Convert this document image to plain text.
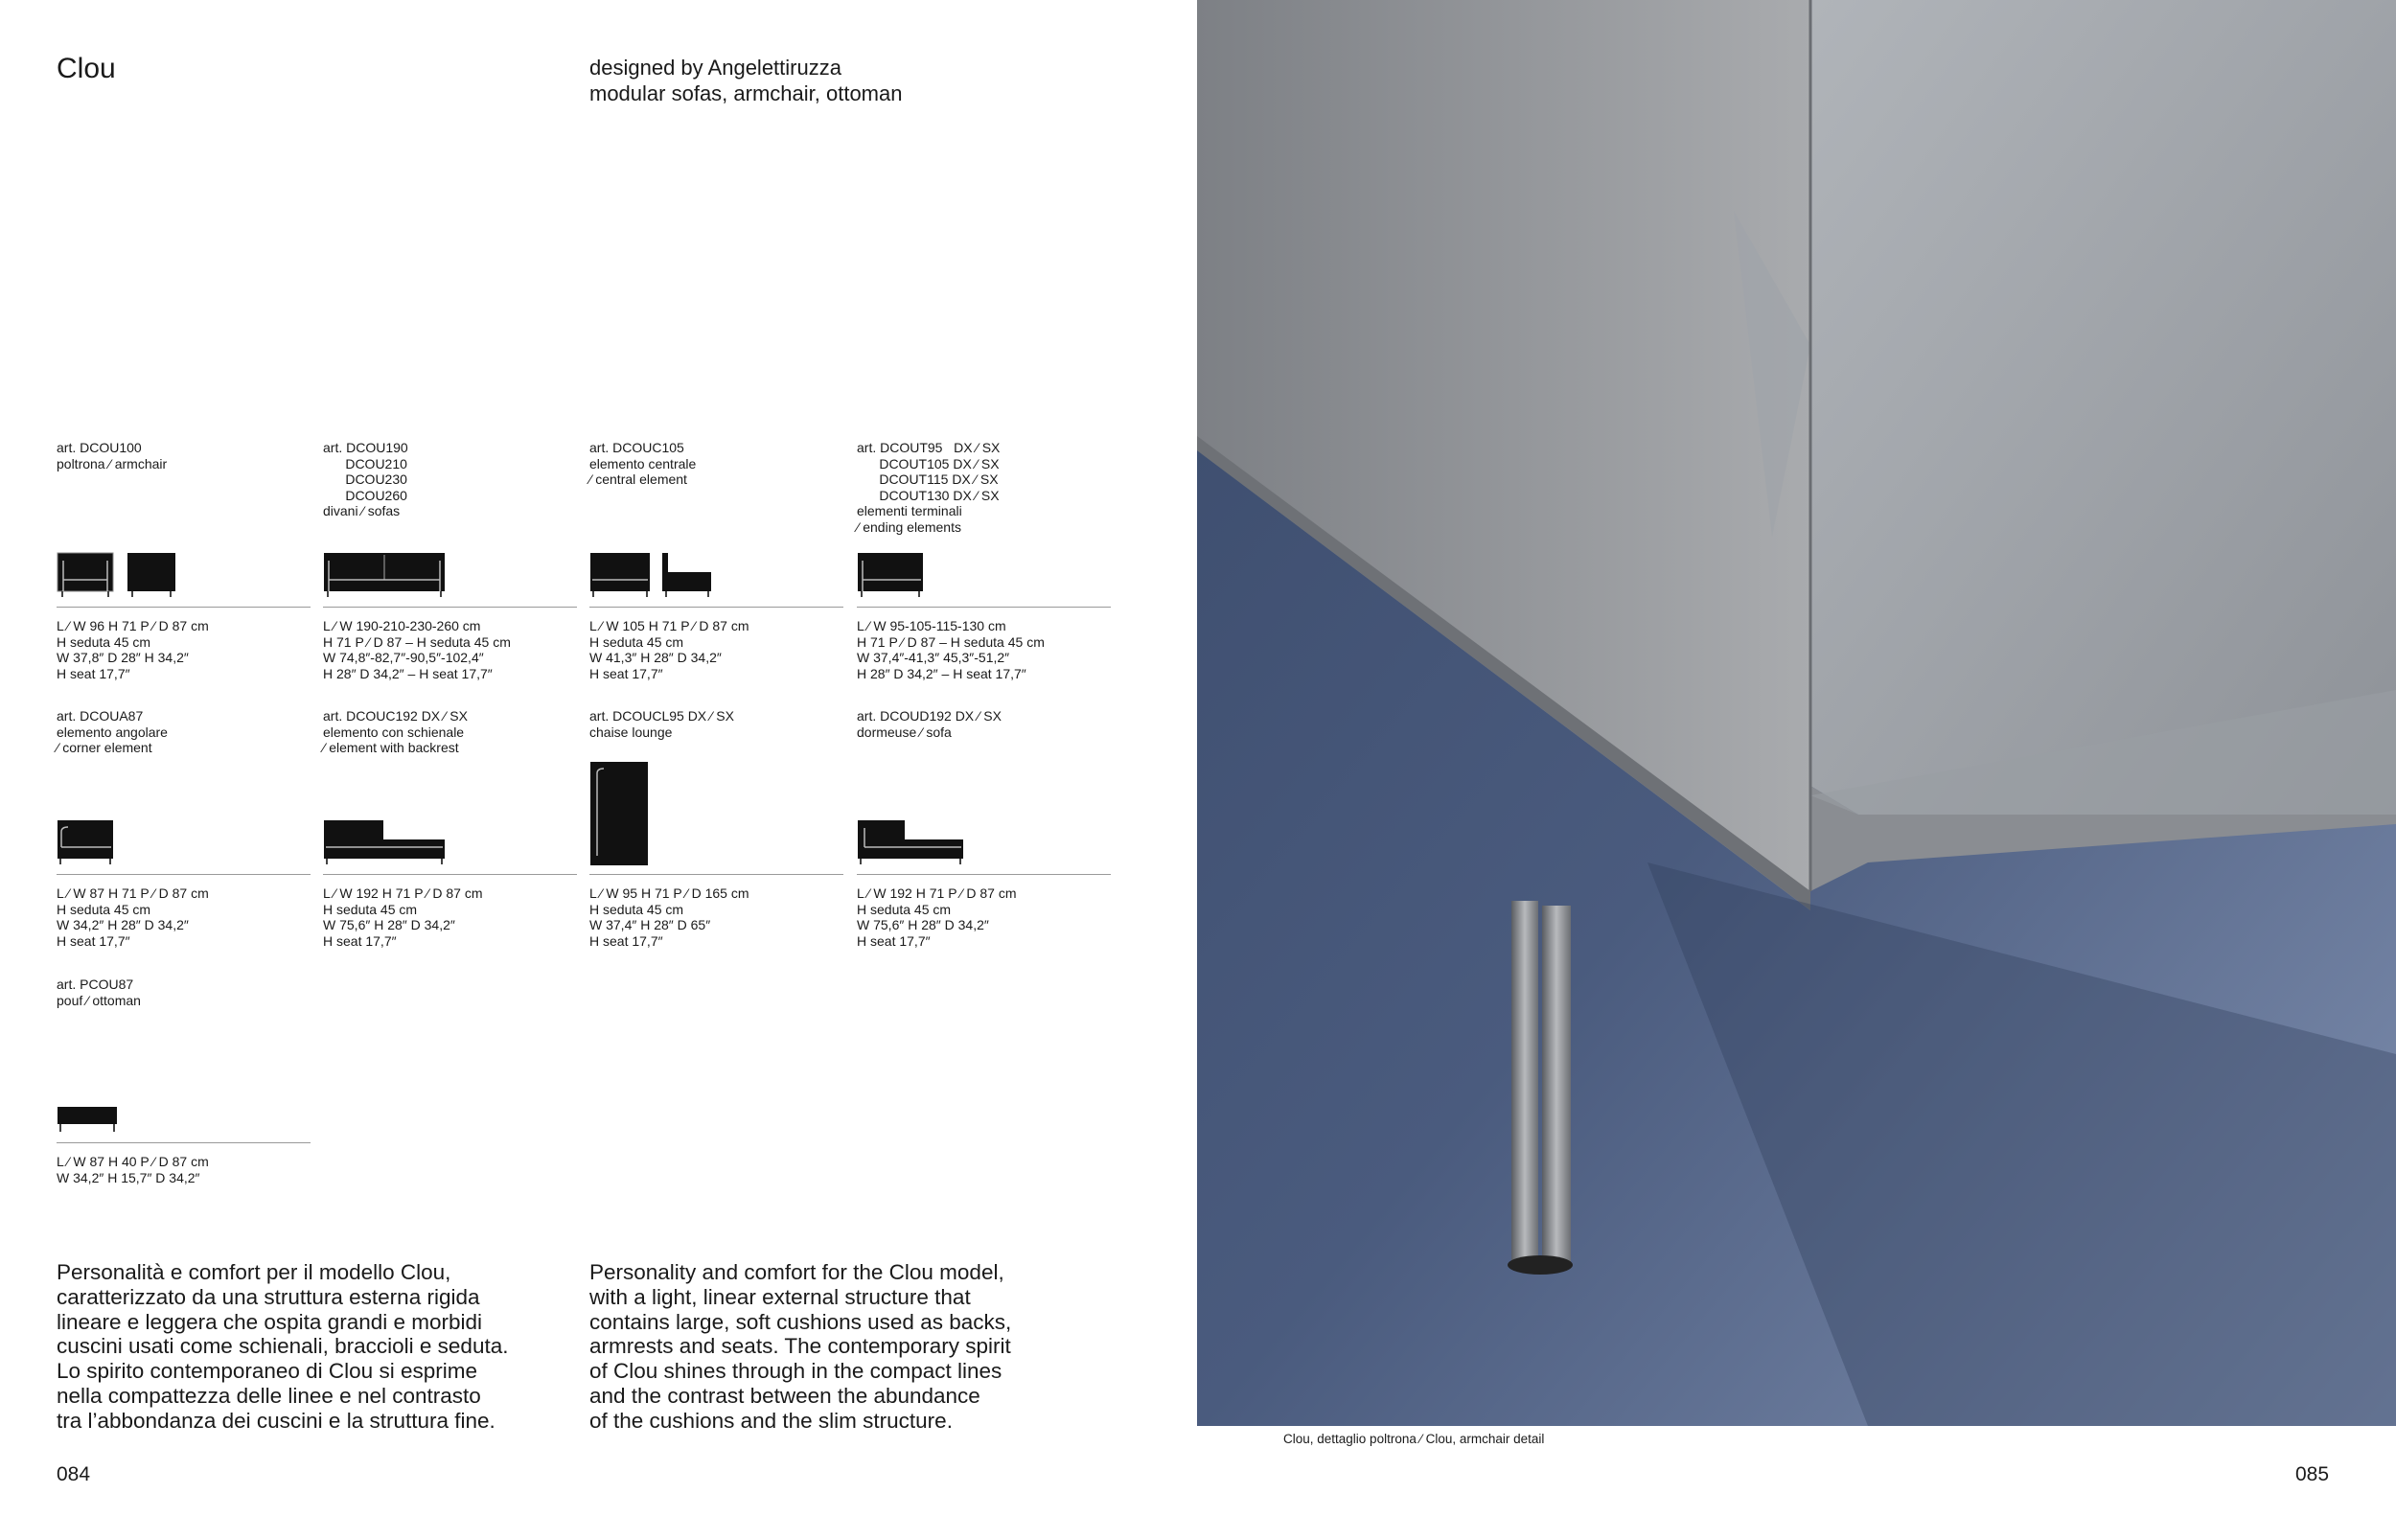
Clou	designed by Angelettiruzza
modular sofas, armchair, ottoman
art. DCOU100
poltrona ⁄ armchair
art. DCOU190
DCOU210
DCOU230
DCOU260
divani ⁄ sofas
art. DCOUC105
elemento centrale
⁄ central element
art. DCOUT95   DX ⁄ SX
DCOUT105 DX ⁄ SX
DCOUT115 DX ⁄ SX
DCOUT130 DX ⁄ SX
elementi terminali
⁄ ending elements
L ⁄ W 96 H 71 P ⁄ D 87 cm
H seduta 45 cm
W 37,8″ D 28″ H 34,2″
H seat 17,7″
L ⁄ W 190-210-230-260 cm
H 71 P ⁄ D 87 – H seduta 45 cm
W 74,8″-82,7″-90,5″-102,4″
H 28″ D 34,2″ – H seat 17,7″
L ⁄ W 105 H 71 P ⁄ D 87 cm
H seduta 45 cm
W 41,3″ H 28″ D 34,2″
H seat 17,7″
L ⁄ W 95-105-115-130 cm
H 71 P ⁄ D 87 – H seduta 45 cm
W 37,4″-41,3″ 45,3″-51,2″
H 28″ D 34,2″ – H seat 17,7″
art. DCOUA87
elemento angolare
⁄ corner element
art. DCOUC192 DX ⁄ SX
elemento con schienale
⁄ element with backrest
art. DCOUCL95 DX ⁄ SX
chaise lounge
art. DCOUD192 DX ⁄ SX
dormeuse ⁄ sofa
L ⁄ W 87 H 71 P ⁄ D 87 cm
H seduta 45 cm
W 34,2″ H 28″ D 34,2″
H seat 17,7″
L ⁄ W 192 H 71 P ⁄ D 87 cm
H seduta 45 cm
W 75,6″ H 28″ D 34,2″
H seat 17,7″
L ⁄ W 95 H 71 P ⁄ D 165 cm
H seduta 45 cm
W 37,4″ H 28″ D 65″
H seat 17,7″
L ⁄ W 192 H 71 P ⁄ D 87 cm
H seduta 45 cm
W 75,6″ H 28″ D 34,2″
H seat 17,7″
art. PCOU87
pouf ⁄ ottoman
L ⁄ W 87 H 40 P ⁄ D 87 cm
W 34,2″ H 15,7″ D 34,2″
Personalità e comfort per il modello Clou,
caratterizzato da una struttura esterna rigida
lineare e leggera che ospita grandi e morbidi
cuscini usati come schienali, braccioli e seduta.
Lo spirito contemporaneo di Clou si esprime
nella compattezza delle linee e nel contrasto
tra l’abbondanza dei cuscini e la struttura fine.
Personality and comfort for the Clou model,
with a light, linear external structure that
contains large, soft cushions used as backs,
armrests and seats. The contemporary spirit
of Clou shines through in the compact lines
and the contrast between the abundance
of the cushions and the slim structure.
084	085
Clou, dettaglio poltrona ⁄ Clou, armchair detail
